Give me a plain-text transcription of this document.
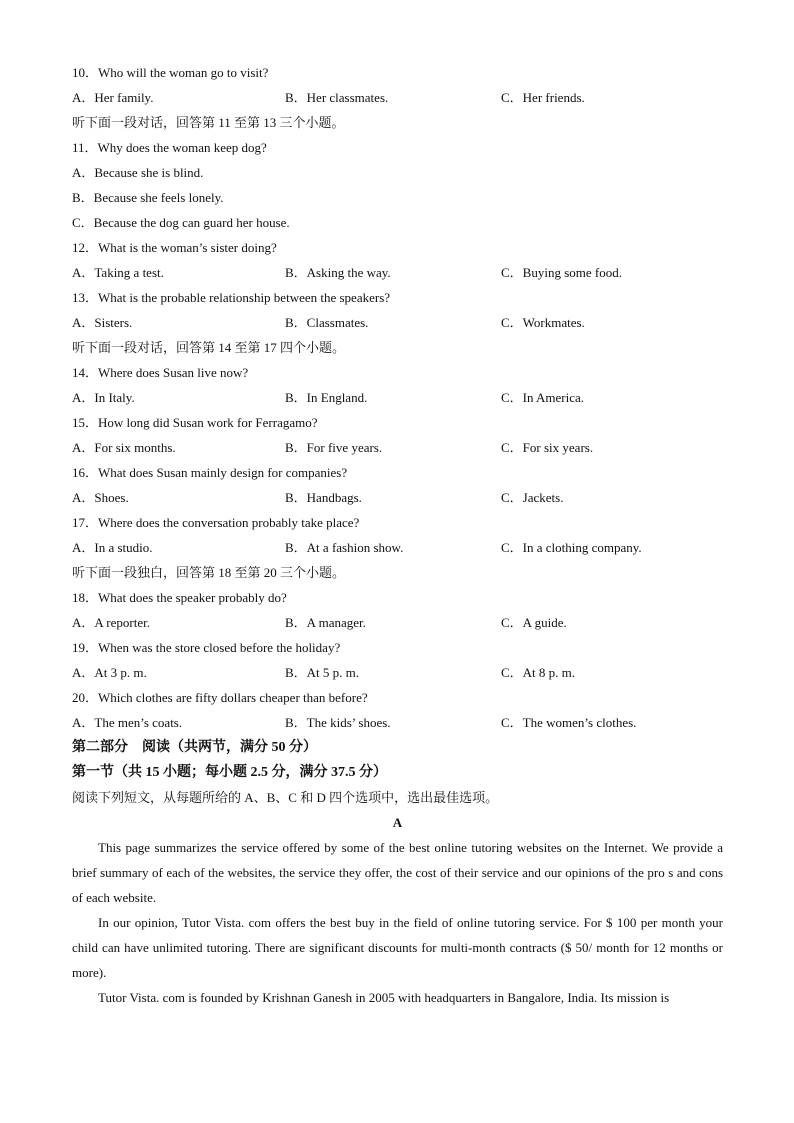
10．Who will the woman go to visit?
A．Her family.	B．Her classmates.	C．Her friends.
听下面一段对话，回答第 11 至第 13 三个小题。
11．Why does the woman keep dog?
A．Because she is blind.
B．Because she feels lonely.
C．Because the dog can guard her house.
12．What is the woman’s sister doing?
A．Taking a test.	B．Asking the way.	C．Buying some food.
13．What is the probable relationship between the speakers?
A．Sisters.	B．Classmates.	C．Workmates.
听下面一段对话，回答第 14 至第 17 四个小题。
14．Where does Susan live now?
A．In Italy.	B．In England.	C．In America.
15．How long did Susan work for Ferragamo?
A．For six months.	B．For five years.	C．For six years.
16．What does Susan mainly design for companies?
A．Shoes.	B．Handbags.	C．Jackets.
17．Where does the conversation probably take place?
A．In a studio.	B．At a fashion show.	C．In a clothing company.
听下面一段独白，回答第 18 至第 20 三个小题。
18．What does the speaker probably do?
A．A reporter.	B．A manager.	C．A guide.
19．When was the store closed before the holiday?
A．At 3 p. m.	B．At 5 p. m.	C．At 8 p. m.
20．Which clothes are fifty dollars cheaper than before?
A．The men’s coats.	B．The kids’ shoes.	C．The women’s clothes.
第二部分　阅读（共两节，满分 50 分）
第一节（共 15 小题；每小题 2.5 分，满分 37.5 分）
阅读下列短文，从每题所给的 A、B、C 和 D 四个选项中，选出最佳选项。
A

This page summarizes the service offered by some of the best online tutoring websites on the Internet. We provide a brief summary of each of the websites, the service they offer, the cost of their service and our opinions of the pro s and cons of each website.

In our opinion, Tutor Vista. com offers the best buy in the field of online tutoring service. For $ 100 per month your child can have unlimited tutoring. There are significant discounts for multi-month contracts ($ 50/ month for 12 months or more).

Tutor Vista. com is founded by Krishnan Ganesh in 2005 with headquarters in Bangalore, India. Its mission is
